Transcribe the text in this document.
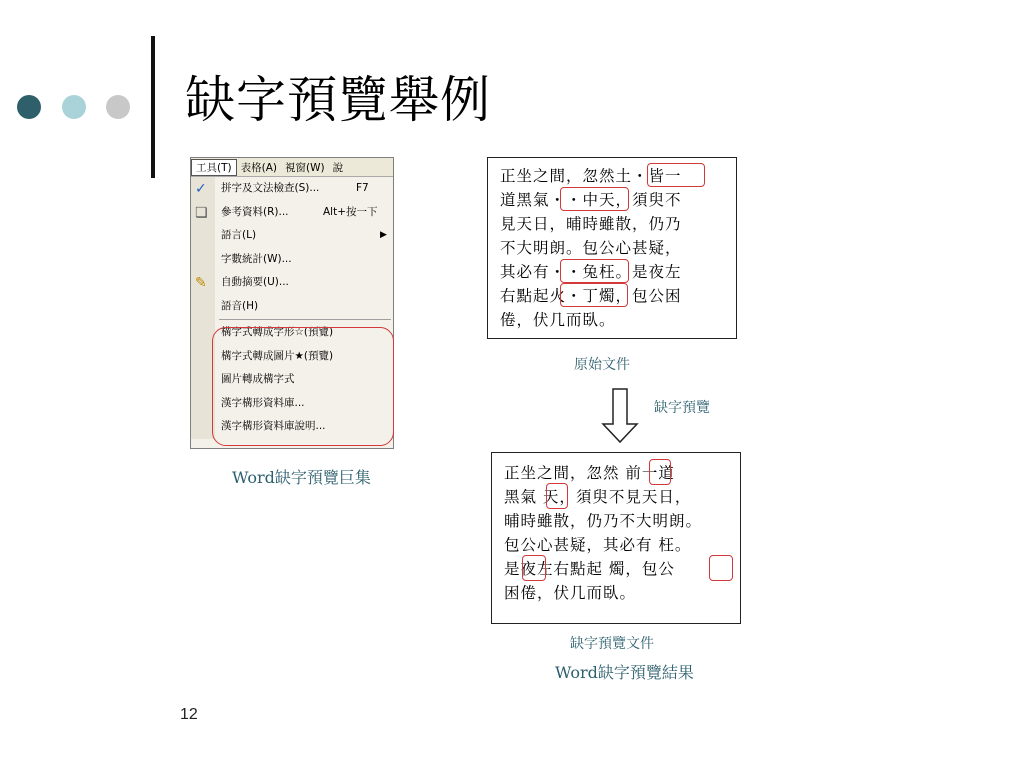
缺字預覽舉例
工具(T) 表格(A) 視窗(W) 說
✓ 拼字及文法檢查(S)...	F7
❏ 參考資料(R)...	Alt+按一下
語言(L)	▶
字數統計(W)...
✎ 自動摘要(U)...
語音(H)
構字式轉成字形☆(預覽)
構字式轉成圖片★(預覽)
圖片轉成構字式
漢字構形資料庫...
漢字構形資料庫說明...
Word缺字預覽巨集
正坐之間，忽然土・皆一
道黑氣・・中天，須臾不
見天日，晡時雖散，仍乃
不大明朗。包公心甚疑，
其必有・・兔枉。是夜左
右點起火・丁燭，包公困
倦，伏几而臥。
原始文件
缺字預覽
正坐之間，忽然 前一道
黑氣 天，須臾不見天日，
晡時雖散，仍乃不大明朗。
包公心甚疑，其必有 枉。
是夜左右點起 燭，包公
困倦，伏几而臥。
缺字預覽文件
Word缺字預覽結果
12
